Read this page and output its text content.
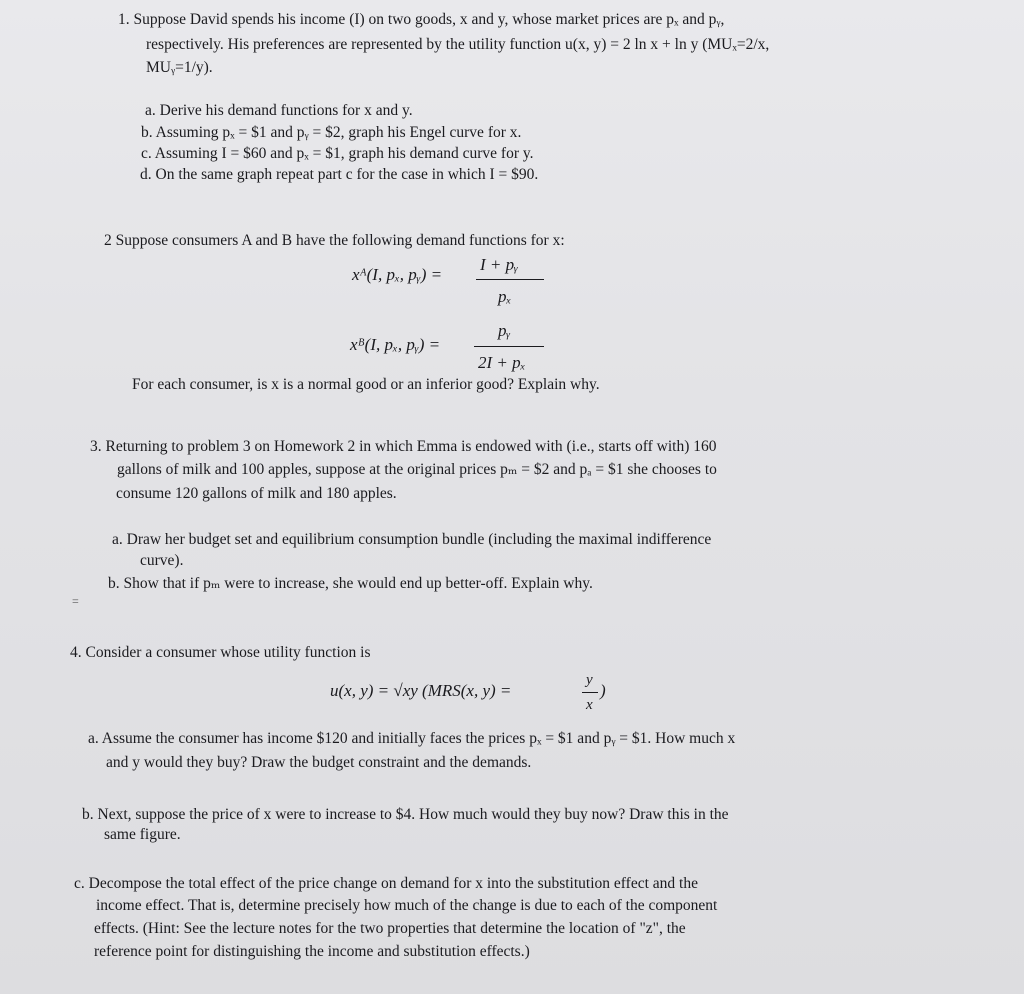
1. Suppose David spends his income (I) on two goods, x and y, whose market prices are pₓ and pᵧ,
respectively. His preferences are represented by the utility function u(x, y) = 2 ln x + ln y (MUₓ=2/x,
MUᵧ=1/y).
a. Derive his demand functions for x and y.
b. Assuming pₓ = $1 and pᵧ = $2, graph his Engel curve for x.
c. Assuming I = $60 and pₓ = $1, graph his demand curve for y.
d. On the same graph repeat part c for the case in which I = $90.
2 Suppose consumers A and B have the following demand functions for x:
xᴬ(I, pₓ, pᵧ) =
I + pᵧ
pₓ
xᴮ(I, pₓ, pᵧ) =
pᵧ
2I + pₓ
For each consumer, is x is a normal good or an inferior good? Explain why.
3. Returning to problem 3 on Homework 2 in which Emma is endowed with (i.e., starts off with) 160
gallons of milk and 100 apples, suppose at the original prices pₘ = $2 and pₐ = $1 she chooses to
consume 120 gallons of milk and 180 apples.
a. Draw her budget set and equilibrium consumption bundle (including the maximal indifference
curve).
b. Show that if pₘ were to increase, she would end up better-off. Explain why.
=
4. Consider a consumer whose utility function is
u(x, y) = √xy (MRS(x, y) =
y
x
)
a. Assume the consumer has income $120 and initially faces the prices pₓ = $1 and pᵧ = $1. How much x
and y would they buy? Draw the budget constraint and the demands.
b. Next, suppose the price of x were to increase to $4. How much would they buy now? Draw this in the
same figure.
c. Decompose the total effect of the price change on demand for x into the substitution effect and the
income effect. That is, determine precisely how much of the change is due to each of the component
effects. (Hint: See the lecture notes for the two properties that determine the location of "z", the
reference point for distinguishing the income and substitution effects.)
